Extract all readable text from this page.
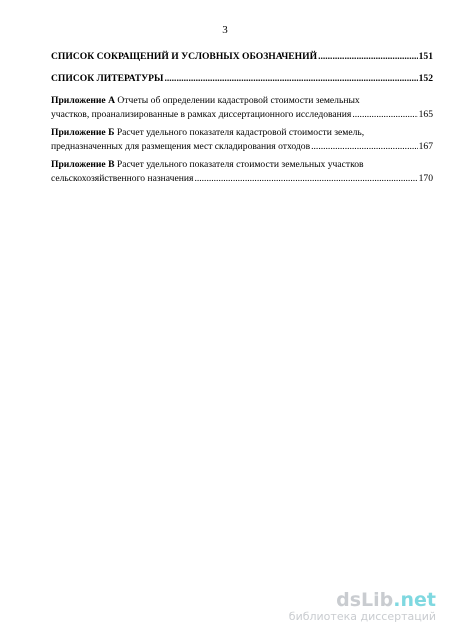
3
СПИСОК СОКРАЩЕНИЙ И УСЛОВНЫХ ОБОЗНАЧЕНИЙ .....	151
СПИСОК ЛИТЕРАТУРЫ .....	152
Приложение А Отчеты об определении кадастровой стоимости земельных
участков, проанализированные в рамках диссертационного исследования .....	165
Приложение Б Расчет удельного показателя кадастровой стоимости земель,
предназначенных для размещения мест складирования отходов .....	167
Приложение В Расчет удельного показателя стоимости земельных участков
сельскохозяйственного назначения .....	170
dsLib.net
библиотека диссертаций
